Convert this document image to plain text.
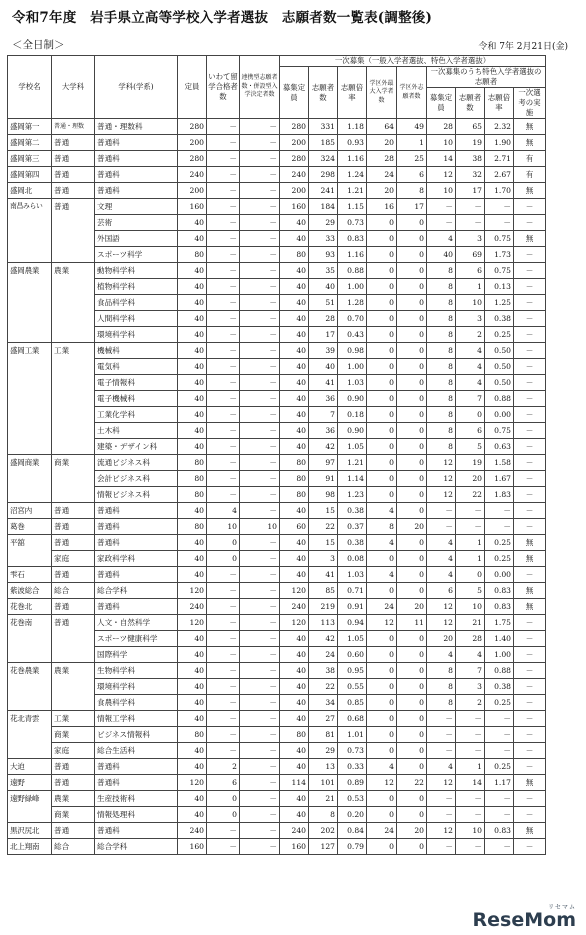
令和7年度　岩手県立高等学校入学者選抜　志願者数一覧表(調整後)
＜全日制＞	令和 7年 2月21日(金)
学校名	大学科	学科(学系)	定員	いわて留学合格者数	連携型志願者数・併設型入学決定者数	一次募集（一般入学者選抜、特色入学者選抜）								
						募集定員	志願者数	志願倍率	学区外最大入学者数	学区外志願者数	一次募集のうち特色入学者選抜の志願者			
											募集定員	志願者数	志願倍率	一次選考の実施
盛岡第一	普通・理数	普通・理数科	280	－	－	280	331	1.18	64	49	28	65	2.32	無
盛岡第二	普通	普通科	200	－	－	200	185	0.93	20	1	10	19	1.90	無
盛岡第三	普通	普通科	280	－	－	280	324	1.16	28	25	14	38	2.71	有
盛岡第四	普通	普通科	240	－	－	240	298	1.24	24	6	12	32	2.67	有
盛岡北	普通	普通科	200	－	－	200	241	1.21	20	8	10	17	1.70	無
南昌みらい	普通	文理	160	－	－	160	184	1.15	16	17	－	－	－	－
		芸術	40	－	－	40	29	0.73	0	0	－	－	－	－
		外国語	40	－	－	40	33	0.83	0	0	4	3	0.75	無
		スポーツ科学	80	－	－	80	93	1.16	0	0	40	69	1.73	－
盛岡農業	農業	動物科学科	40	－	－	40	35	0.88	0	0	8	6	0.75	－
		植物科学科	40	－	－	40	40	1.00	0	0	8	1	0.13	－
		食品科学科	40	－	－	40	51	1.28	0	0	8	10	1.25	－
		人間科学科	40	－	－	40	28	0.70	0	0	8	3	0.38	－
		環境科学科	40	－	－	40	17	0.43	0	0	8	2	0.25	－
盛岡工業	工業	機械科	40	－	－	40	39	0.98	0	0	8	4	0.50	－
		電気科	40	－	－	40	40	1.00	0	0	8	4	0.50	－
		電子情報科	40	－	－	40	41	1.03	0	0	8	4	0.50	－
		電子機械科	40	－	－	40	36	0.90	0	0	8	7	0.88	－
		工業化学科	40	－	－	40	7	0.18	0	0	8	0	0.00	－
		土木科	40	－	－	40	36	0.90	0	0	8	6	0.75	－
		建築・デザイン科	40	－	－	40	42	1.05	0	0	8	5	0.63	－
盛岡商業	商業	流通ビジネス科	80	－	－	80	97	1.21	0	0	12	19	1.58	－
		会計ビジネス科	80	－	－	80	91	1.14	0	0	12	20	1.67	－
		情報ビジネス科	80	－	－	80	98	1.23	0	0	12	22	1.83	－
沼宮内	普通	普通科	40	4	－	40	15	0.38	4	0	－	－	－	－
葛巻	普通	普通科	80	10	10	60	22	0.37	8	20	－	－	－	－
平舘	普通	普通科	40	0	－	40	15	0.38	4	0	4	1	0.25	無
	家庭	家政科学科	40	0	－	40	3	0.08	0	0	4	1	0.25	無
雫石	普通	普通科	40	－	－	40	41	1.03	4	0	4	0	0.00	－
紫波総合	総合	総合学科	120	－	－	120	85	0.71	0	0	6	5	0.83	無
花巻北	普通	普通科	240	－	－	240	219	0.91	24	20	12	10	0.83	無
花巻南	普通	人文・自然科学	120	－	－	120	113	0.94	12	11	12	21	1.75	－
		スポーツ健康科学	40	－	－	40	42	1.05	0	0	20	28	1.40	－
		国際科学	40	－	－	40	24	0.60	0	0	4	4	1.00	－
花巻農業	農業	生物科学科	40	－	－	40	38	0.95	0	0	8	7	0.88	－
		環境科学科	40	－	－	40	22	0.55	0	0	8	3	0.38	－
		食農科学科	40	－	－	40	34	0.85	0	0	8	2	0.25	－
花北青雲	工業	情報工学科	40	－	－	40	27	0.68	0	0	－	－	－	－
	商業	ビジネス情報科	80	－	－	80	81	1.01	0	0	－	－	－	－
	家庭	総合生活科	40	－	－	40	29	0.73	0	0	－	－	－	－
大迫	普通	普通科	40	2	－	40	13	0.33	4	0	4	1	0.25	－
遠野	普通	普通科	120	6	－	114	101	0.89	12	22	12	14	1.17	無
遠野緑峰	農業	生産技術科	40	0	－	40	21	0.53	0	0	－	－	－	－
	商業	情報処理科	40	0	－	40	8	0.20	0	0	－	－	－	－
黒沢尻北	普通	普通科	240	－	－	240	202	0.84	24	20	12	10	0.83	無
北上翔南	総合	総合学科	160	－	－	160	127	0.79	0	0	－	－	－	－
リセマム
ReseMom
